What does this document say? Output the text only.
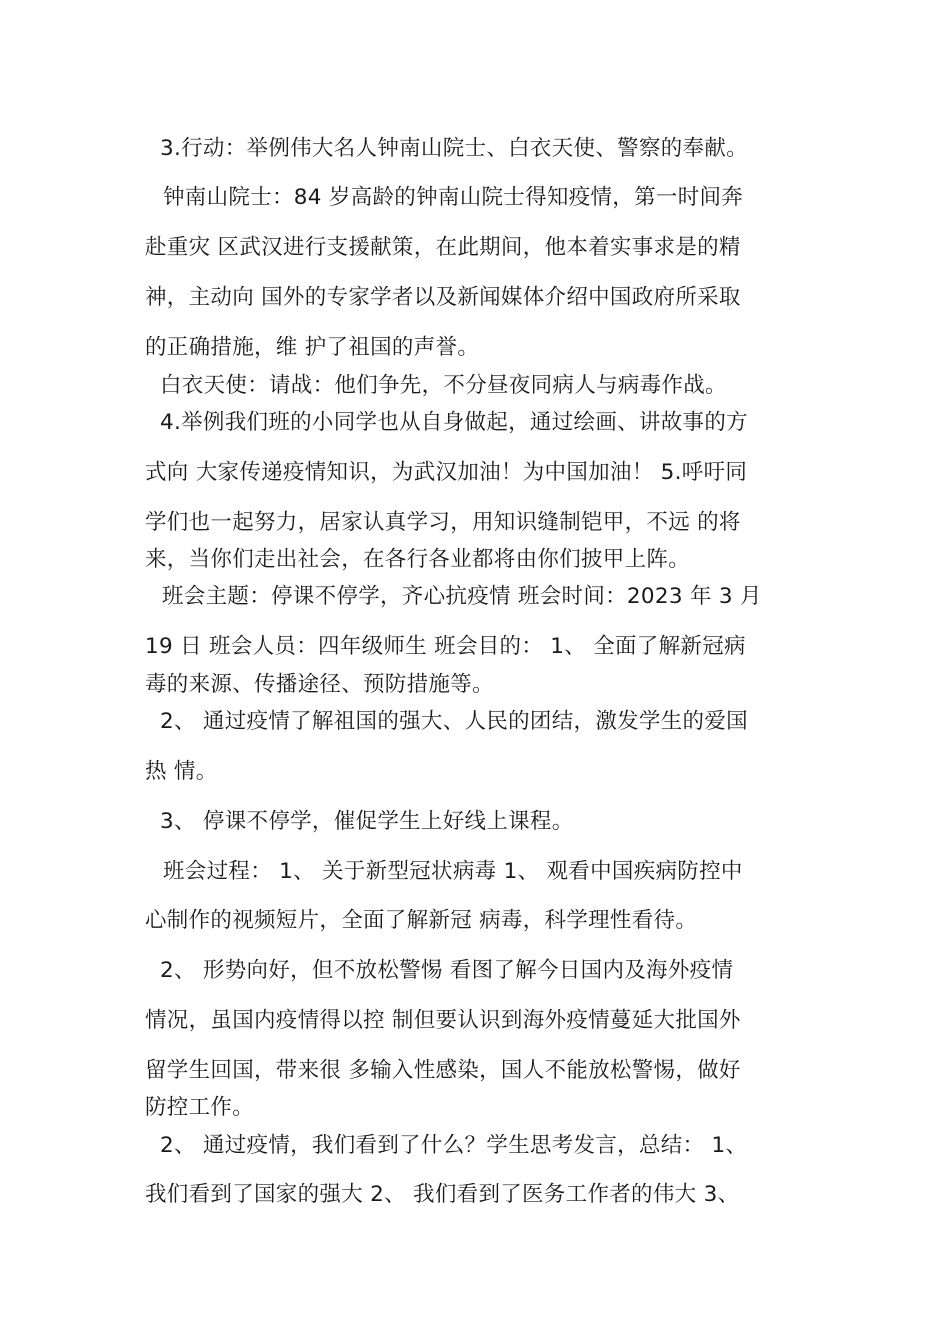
3.行动：举例伟大名人钟南山院士、白衣天使、警察的奉献。
钟南山院士：84 岁高龄的钟南山院士得知疫情，第一时间奔
赴重灾 区武汉进行支援献策，在此期间，他本着实事求是的精
神，主动向 国外的专家学者以及新闻媒体介绍中国政府所采取
的正确措施，维 护了祖国的声誉。
白衣天使：请战：他们争先，不分昼夜同病人与病毒作战。
4.举例我们班的小同学也从自身做起，通过绘画、讲故事的方
式向 大家传递疫情知识，为武汉加油！为中国加油！ 5.呼吁同
学们也一起努力，居家认真学习，用知识缝制铠甲，不远 的将
来，当你们走出社会，在各行各业都将由你们披甲上阵。
班会主题：停课不停学，齐心抗疫情 班会时间：2023 年 3 月
19 日 班会人员：四年级师生 班会目的： 1、 全面了解新冠病
毒的来源、传播途径、预防措施等。
2、 通过疫情了解祖国的强大、人民的团结，激发学生的爱国
热 情。
3、 停课不停学，催促学生上好线上课程。
班会过程： 1、 关于新型冠状病毒 1、 观看中国疾病防控中
心制作的视频短片，全面了解新冠 病毒，科学理性看待。
2、 形势向好，但不放松警惕 看图了解今日国内及海外疫情
情况，虽国内疫情得以控 制但要认识到海外疫情蔓延大批国外
留学生回国，带来很 多输入性感染，国人不能放松警惕，做好
防控工作。
2、 通过疫情，我们看到了什么？学生思考发言，总结： 1、
我们看到了国家的强大 2、 我们看到了医务工作者的伟大 3、
